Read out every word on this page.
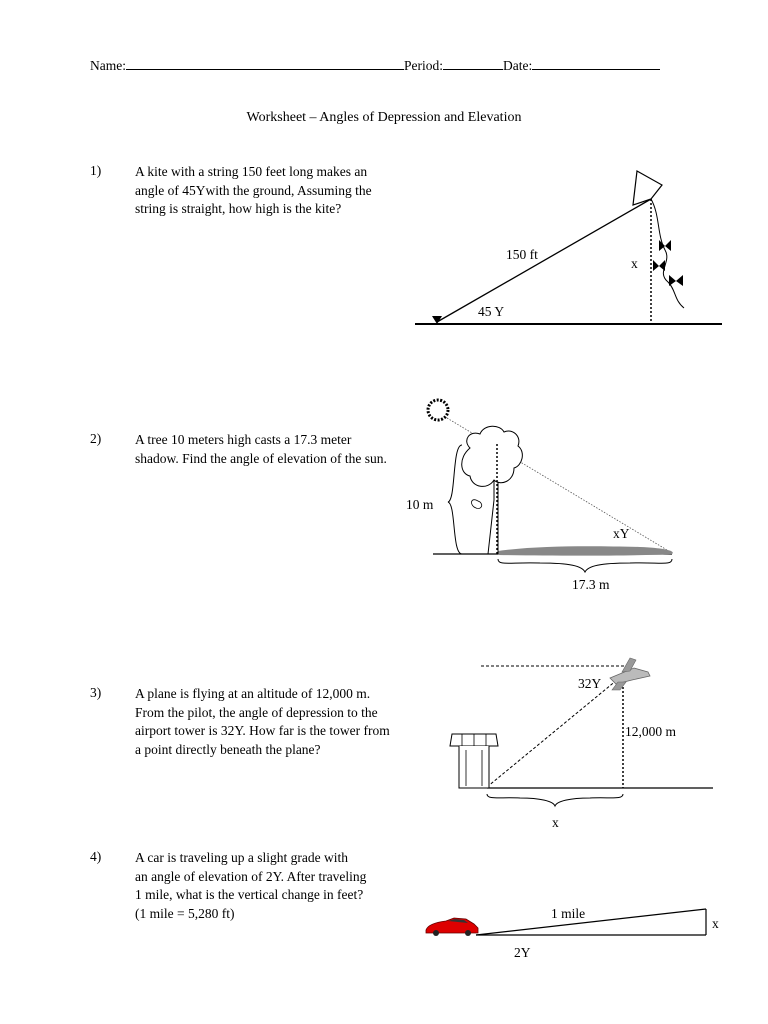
Name:	Period:	Date:
Worksheet – Angles of Depression and Elevation
1)	A kite with a string 150 feet long makes an
angle of 45Ywith the ground, Assuming the
string is straight, how high is the kite?
2)	A tree 10 meters high casts a 17.3 meter
shadow. Find the angle of elevation of the sun.
3)	A plane is flying at an altitude of 12,000 m.
From the pilot, the angle of depression to the
airport tower is 32Y. How far is the tower from
a point directly beneath the plane?
4)	A car is traveling up a slight grade with
an angle of elevation of 2Y. After traveling
1 mile, what is the vertical change in feet?
(1 mile = 5,280 ft)
150 ft
x
45 Y
10 m
xY
17.3 m
32Y
12,000 m
x
1 mile
x
2Y
